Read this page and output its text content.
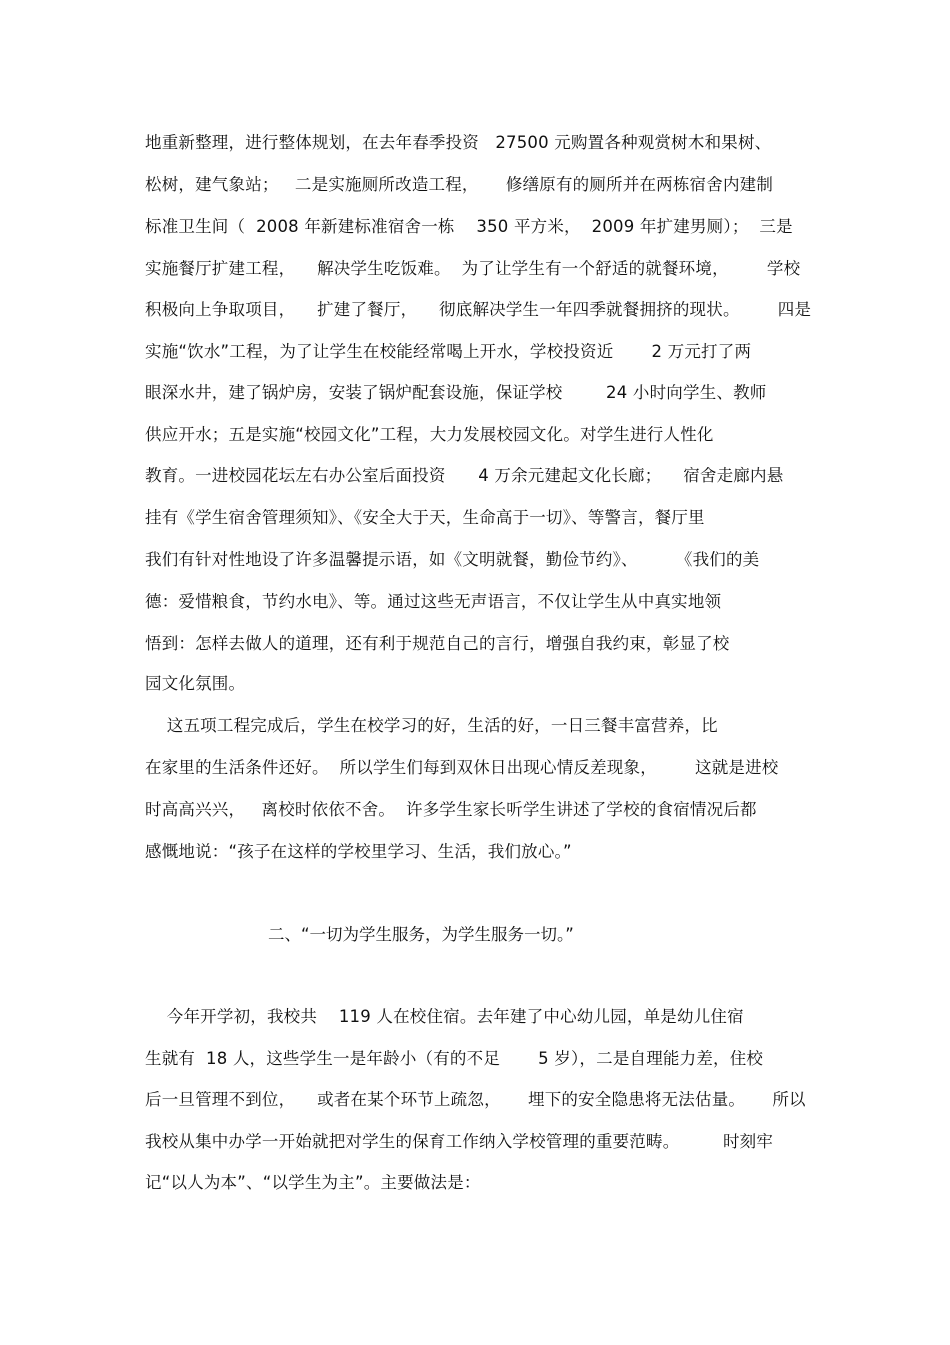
地重新整理，进行整体规划，在去年春季投资   27500 元购置各种观赏树木和果树、
松树，建气象站；   二是实施厕所改造工程，     修缮原有的厕所并在两栋宿舍内建制
标准卫生间（  2008 年新建标准宿舍一栋    350 平方米，  2009 年扩建男厕）；  三是
实施餐厅扩建工程，    解决学生吃饭难。  为了让学生有一个舒适的就餐环境，       学校
积极向上争取项目，    扩建了餐厅，    彻底解决学生一年四季就餐拥挤的现状。       四是
实施“饮水”工程，为了让学生在校能经常喝上开水，学校投资近       2 万元打了两
眼深水井，建了锅炉房，安装了锅炉配套设施，保证学校        24 小时向学生、教师
供应开水；五是实施“校园文化”工程，大力发展校园文化。对学生进行人性化
教育。一进校园花坛左右办公室后面投资      4 万余元建起文化长廊；    宿舍走廊内悬
挂有《学生宿舍管理须知》、《安全大于天，生命高于一切》、等警言，餐厅里
我们有针对性地设了许多温馨提示语，如《文明就餐，勤俭节约》、       《我们的美
德：爱惜粮食，节约水电》、等。通过这些无声语言，不仅让学生从中真实地领
悟到：怎样去做人的道理，还有利于规范自己的言行，增强自我约束，彰显了校
园文化氛围。
这五项工程完成后，学生在校学习的好，生活的好，一日三餐丰富营养，比
在家里的生活条件还好。  所以学生们每到双休日出现心情反差现象，       这就是进校
时高高兴兴，   离校时依依不舍。  许多学生家长听学生讲述了学校的食宿情况后都
感慨地说：“孩子在这样的学校里学习、生活，我们放心。”
二、“一切为学生服务，为学生服务一切。”
今年开学初，我校共    119 人在校住宿。去年建了中心幼儿园，单是幼儿住宿
生就有  18 人，这些学生一是年龄小（有的不足       5 岁），二是自理能力差，住校
后一旦管理不到位，    或者在某个环节上疏忽，     埋下的安全隐患将无法估量。     所以
我校从集中办学一开始就把对学生的保育工作纳入学校管理的重要范畴。        时刻牢
记“以人为本”、“以学生为主”。主要做法是：
